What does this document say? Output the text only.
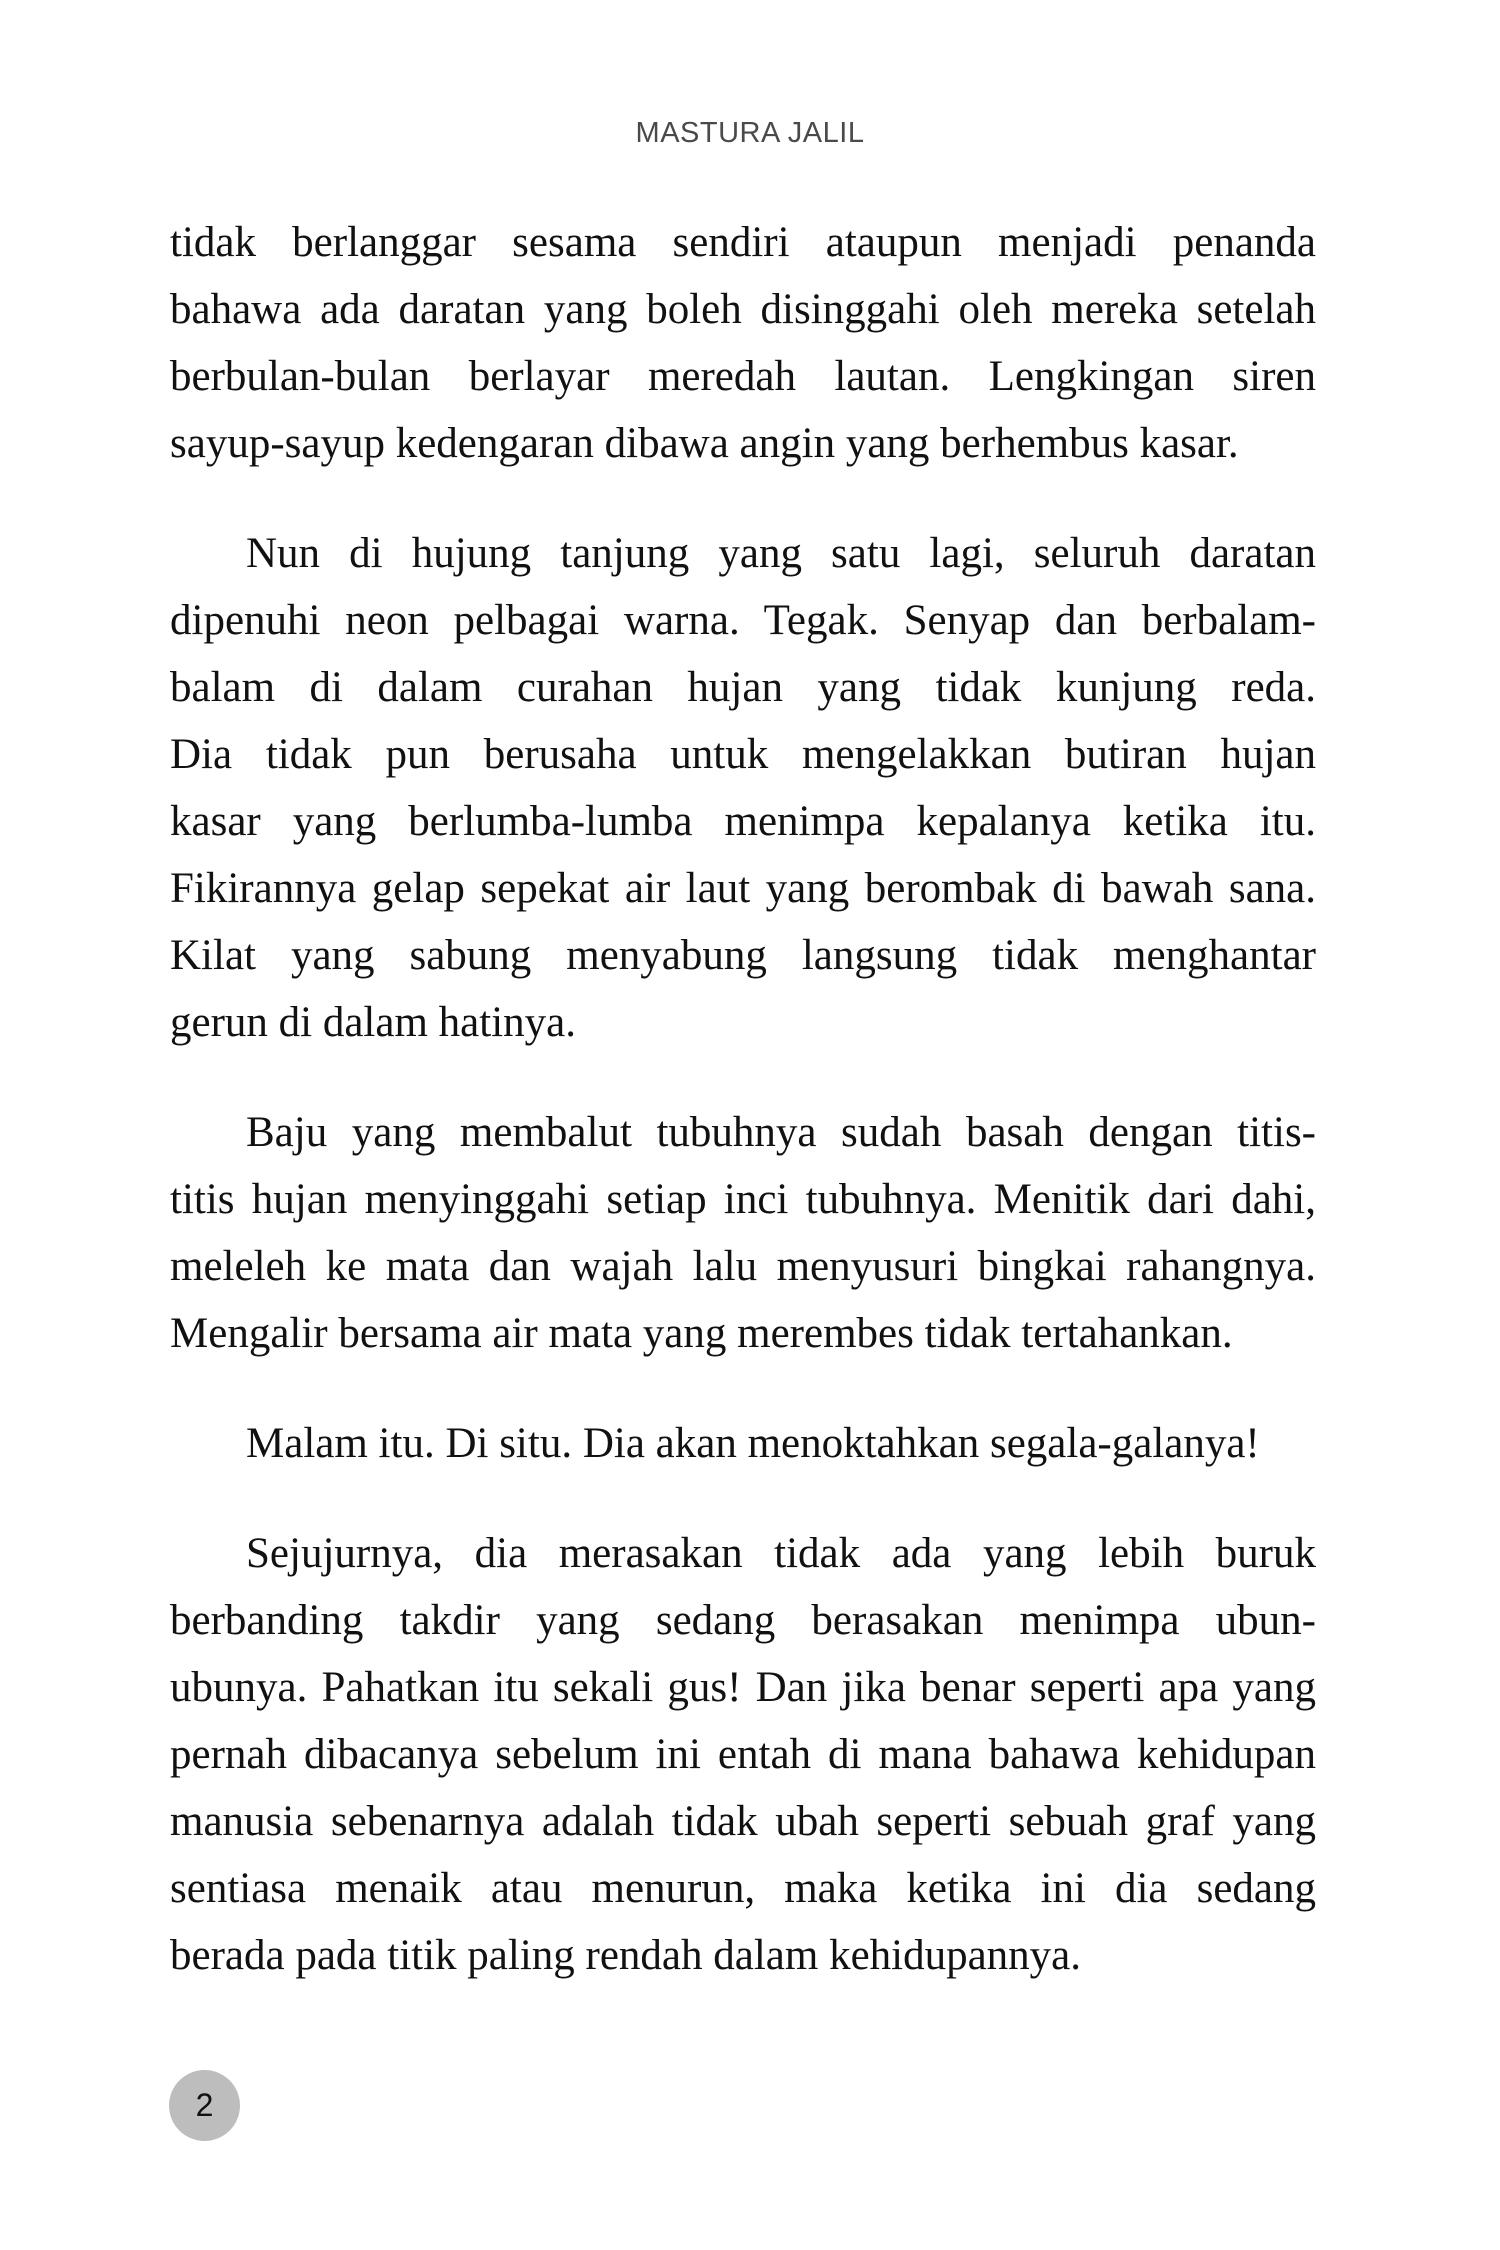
MASTURA JALIL
tidak berlanggar sesama sendiri ataupun menjadi penanda
bahawa ada daratan yang boleh disinggahi oleh mereka setelah
berbulan-bulan berlayar meredah lautan. Lengkingan siren
sayup-sayup kedengaran dibawa angin yang berhembus kasar.
Nun di hujung tanjung yang satu lagi, seluruh daratan
dipenuhi neon pelbagai warna. Tegak. Senyap dan berbalam-
balam di dalam curahan hujan yang tidak kunjung reda.
Dia tidak pun berusaha untuk mengelakkan butiran hujan
kasar yang berlumba-lumba menimpa kepalanya ketika itu.
Fikirannya gelap sepekat air laut yang berombak di bawah sana.
Kilat yang sabung menyabung langsung tidak menghantar
gerun di dalam hatinya.
Baju yang membalut tubuhnya sudah basah dengan titis-
titis hujan menyinggahi setiap inci tubuhnya. Menitik dari dahi,
meleleh ke mata dan wajah lalu menyusuri bingkai rahangnya.
Mengalir bersama air mata yang merembes tidak tertahankan.
Malam itu. Di situ. Dia akan menoktahkan segala-galanya!
Sejujurnya, dia merasakan tidak ada yang lebih buruk
berbanding takdir yang sedang berasakan menimpa ubun-
ubunya. Pahatkan itu sekali gus! Dan jika benar seperti apa yang
pernah dibacanya sebelum ini entah di mana bahawa kehidupan
manusia sebenarnya adalah tidak ubah seperti sebuah graf yang
sentiasa menaik atau menurun, maka ketika ini dia sedang
berada pada titik paling rendah dalam kehidupannya.
2
